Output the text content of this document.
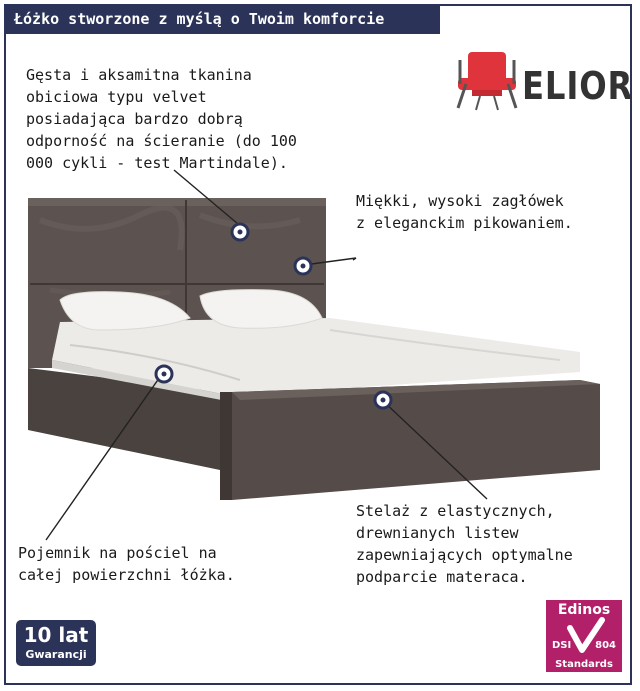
Łóżko stworzone z myślą o Twoim komforcie
ELIOR
Gęsta i aksamitna tkanina
obiciowa typu velvet
posiadająca bardzo dobrą
odporność na ścieranie (do 100
000 cykli - test Martindale).
Miękki, wysoki zagłówek
z eleganckim pikowaniem.
Pojemnik na pościel na
całej powierzchni łóżka.
Stelaż z elastycznych,
drewnianych listew
zapewniających optymalne
podparcie materaca.
10 lat
Gwarancji
Edinos
DSI 804
Standards
